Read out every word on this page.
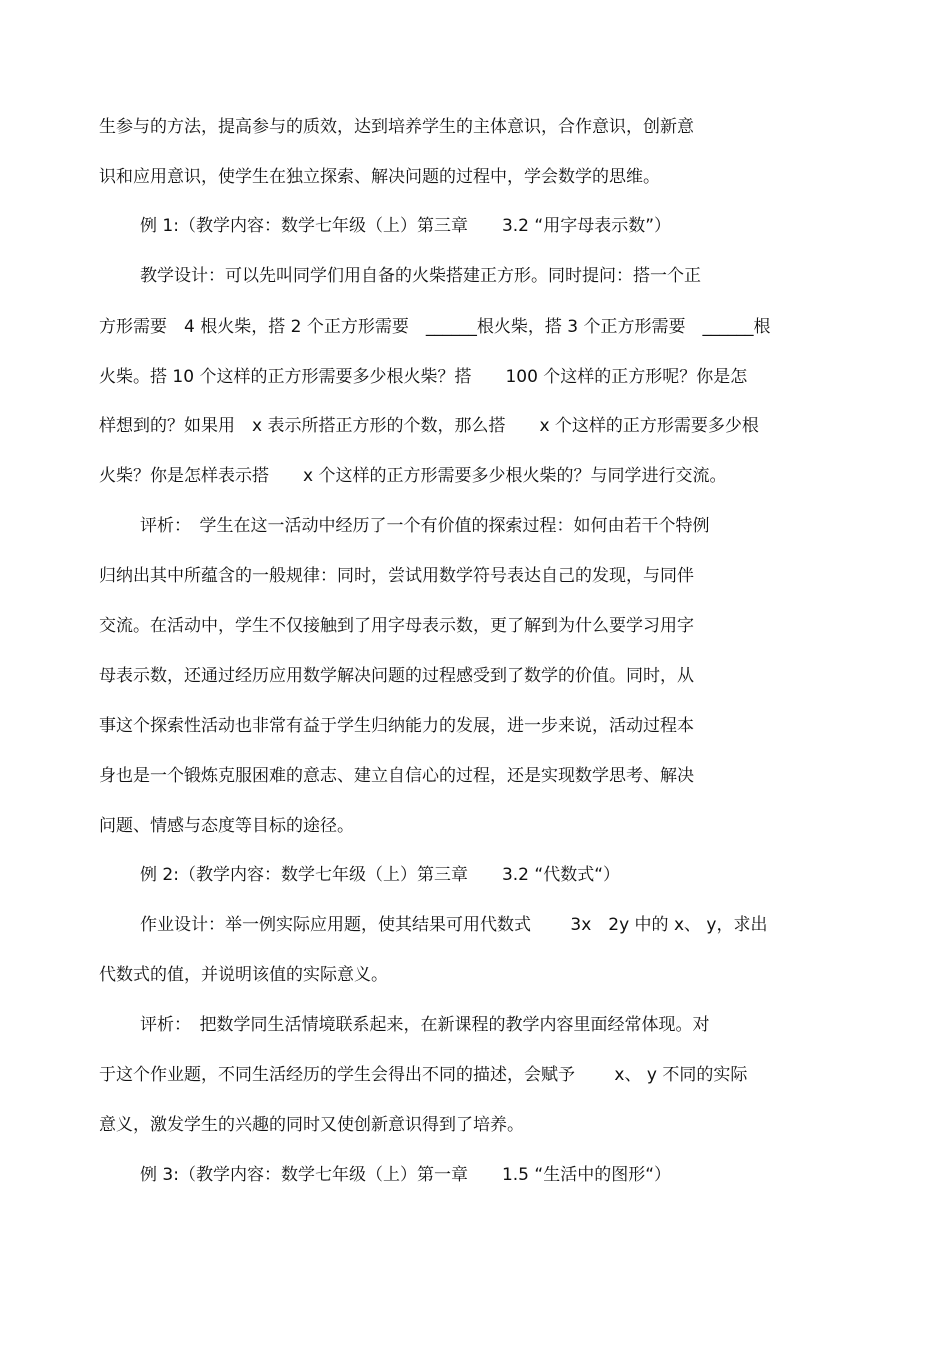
生参与的方法，提高参与的质效，达到培养学生的主体意识，合作意识，创新意
识和应用意识，使学生在独立探索、解决问题的过程中，学会数学的思维。
例 1:（教学内容：数学七年级（上）第三章　　3.2 “用字母表示数”）
教学设计：可以先叫同学们用自备的火柴搭建正方形。同时提问：搭一个正
方形需要　4 根火柴，搭 2 个正方形需要　______根火柴，搭 3 个正方形需要　______根
火柴。搭 10 个这样的正方形需要多少根火柴？搭　　100 个这样的正方形呢？你是怎
样想到的？如果用　x 表示所搭正方形的个数，那么搭　　x 个这样的正方形需要多少根
火柴？你是怎样表示搭　　x 个这样的正方形需要多少根火柴的？与同学进行交流。
评析：　学生在这一活动中经历了一个有价值的探索过程：如何由若干个特例
归纳出其中所蕴含的一般规律：同时，尝试用数学符号表达自己的发现，与同伴
交流。在活动中，学生不仅接触到了用字母表示数，更了解到为什么要学习用字
母表示数，还通过经历应用数学解决问题的过程感受到了数学的价值。同时，从
事这个探索性活动也非常有益于学生归纳能力的发展，进一步来说，活动过程本
身也是一个锻炼克服困难的意志、建立自信心的过程，还是实现数学思考、解决
问题、情感与态度等目标的途径。
例 2:（教学内容：数学七年级（上）第三章　　3.2 “代数式“）
作业设计：举一例实际应用题，使其结果可用代数式　　 3x　2y 中的 x、 y，求出
代数式的值，并说明该值的实际意义。
评析：　把数学同生活情境联系起来，在新课程的教学内容里面经常体现。对
于这个作业题，不同生活经历的学生会得出不同的描述，会赋予　　 x、 y 不同的实际
意义，激发学生的兴趣的同时又使创新意识得到了培养。
例 3:（教学内容：数学七年级（上）第一章　　1.5 “生活中的图形“）
